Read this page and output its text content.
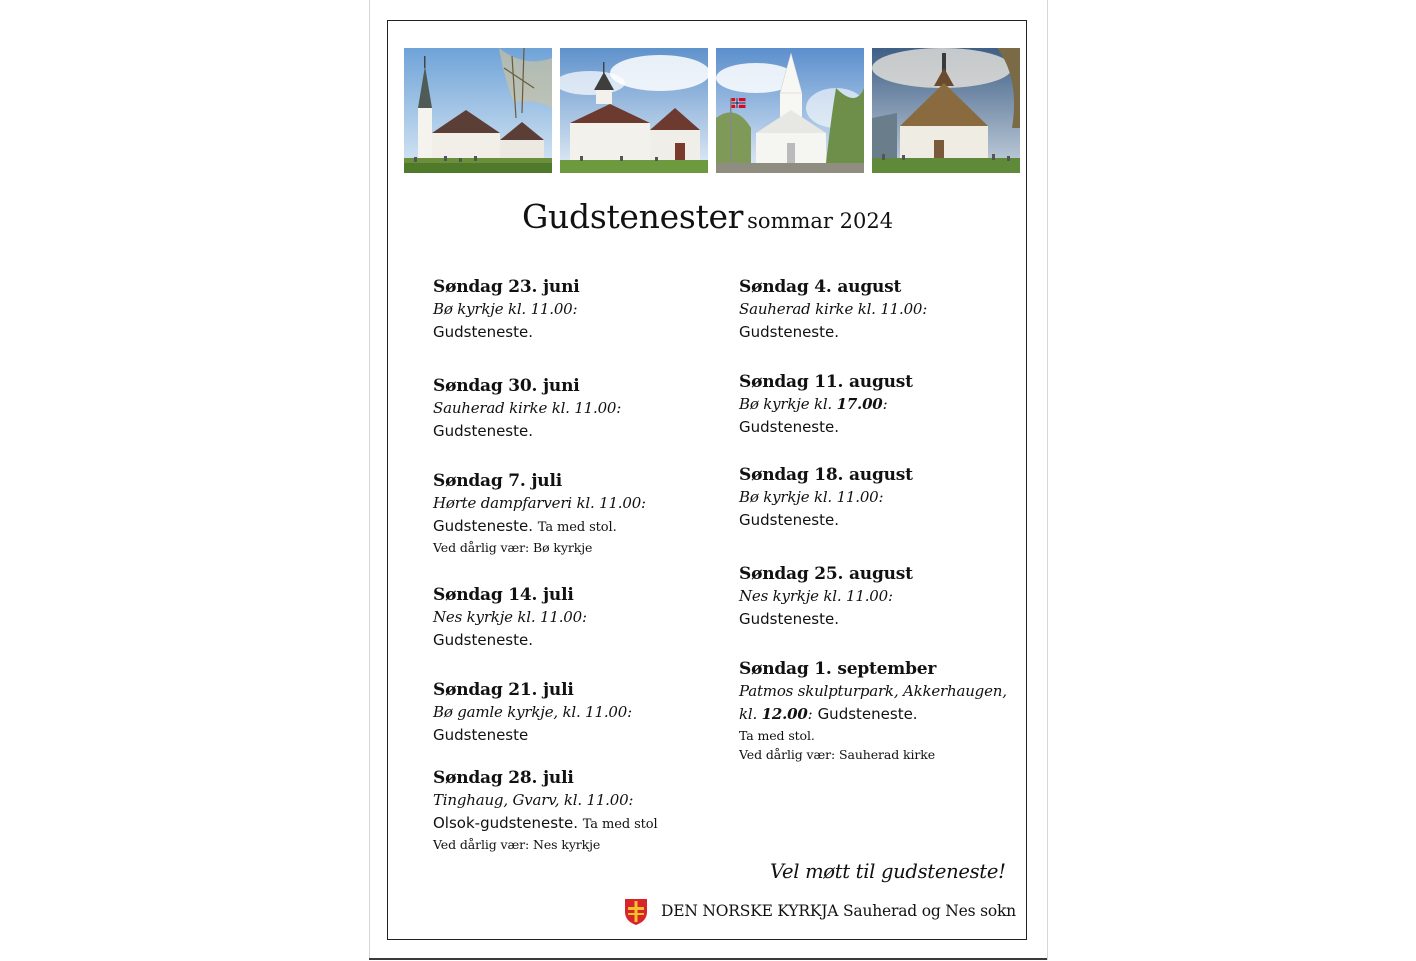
Gudstenester sommar 2024
Søndag 23. juni
Bø kyrkje kl. 11.00:
Gudsteneste.
Søndag 30. juni
Sauherad kirke kl. 11.00:
Gudsteneste.
Søndag 7. juli
Hørte dampfarveri kl. 11.00:
Gudsteneste. Ta med stol.
Ved dårlig vær: Bø kyrkje
Søndag 14. juli
Nes kyrkje kl. 11.00:
Gudsteneste.
Søndag 21. juli
Bø gamle kyrkje, kl. 11.00:
Gudsteneste
Søndag 28. juli
Tinghaug, Gvarv, kl. 11.00:
Olsok-gudsteneste. Ta med stol
Ved dårlig vær: Nes kyrkje
Søndag 4. august
Sauherad kirke kl. 11.00:
Gudsteneste.
Søndag 11. august
Bø kyrkje kl. 17.00:
Gudsteneste.
Søndag 18. august
Bø kyrkje kl. 11.00:
Gudsteneste.
Søndag 25. august
Nes kyrkje kl. 11.00:
Gudsteneste.
Søndag 1. september
Patmos skulpturpark, Akkerhaugen,
kl. 12.00: Gudsteneste.
Ta med stol.
Ved dårlig vær: Sauherad kirke
Vel møtt til gudsteneste!
DEN NORSKE KYRKJA Sauherad og Nes sokn
